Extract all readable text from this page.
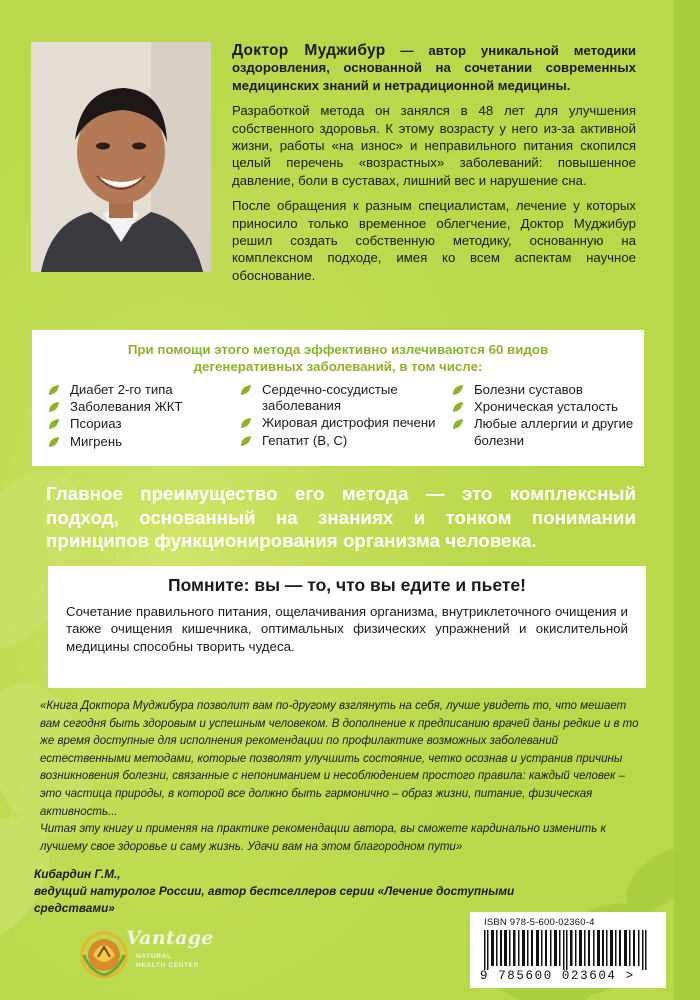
Доктор Муджибур — автор уникальной методики оздоровления, основанной на сочетании современных медицинских знаний и нетрадиционной медицины.

Разработкой метода он занялся в 48 лет для улучшения собственного здоровья. К этому возрасту у него из-за активной жизни, работы «на износ» и неправильного питания скопился целый перечень «возрастных» заболеваний: повышенное давление, боли в суставах, лишний вес и нарушение сна.

После обращения к разным специалистам, лечение у которых приносило только временное облегчение, Доктор Муджибур решил создать собственную методику, основанную на комплексном подходе, имея ко всем аспектам научное обоснование.

При помощи этого метода эффективно излечиваются 60 видов дегенеративных заболеваний, в том числе:
Диабет 2-го типа
Заболевания ЖКТ
Псориаз
Мигрень
Сердечно-сосудистые заболевания
Жировая дистрофия печени
Гепатит (B, C)
Болезни суставов
Хроническая усталость
Любые аллергии и другие болезни
Главное преимущество его метода — это комплексный подход, основанный на знаниях и тонком понимании принципов функционирования организма человека.
Помните: вы — то, что вы едите и пьете!
Сочетание правильного питания, ощелачивания организма, внутриклеточного очищения и также очищения кишечника, оптимальных физических упражнений и окислительной медицины способны творить чудеса.

«Книга Доктора Муджибура позволит вам по-другому взглянуть на себя, лучше увидеть то, что мешает вам сегодня быть здоровым и успешным человеком. В дополнение к предписанию врачей даны редкие и в то же время доступные для исполнения рекомендации по профилактике возможных заболеваний естественными методами, которые позволят улучшить состояние, четко осознав и устранив причины возникновения болезни, связанные с непониманием и несоблюдением простого правила: каждый человек – это частица природы, в которой все должно быть гармонично – образ жизни, питание, физическая активность...

Читая эту книгу и применяя на практике рекомендации автора, вы сможете кардинально изменить к лучшему свое здоровье и саму жизнь. Удачи вам на этом благородном пути»

Кибардин Г.М.,
ведущий натуролог России, автор бестселлеров серии «Лечение доступными средствами»
Vantage
NATURAL
HEALTH CENTER
ISBN 978-5-600-02360-4
9 785600 023604 >
